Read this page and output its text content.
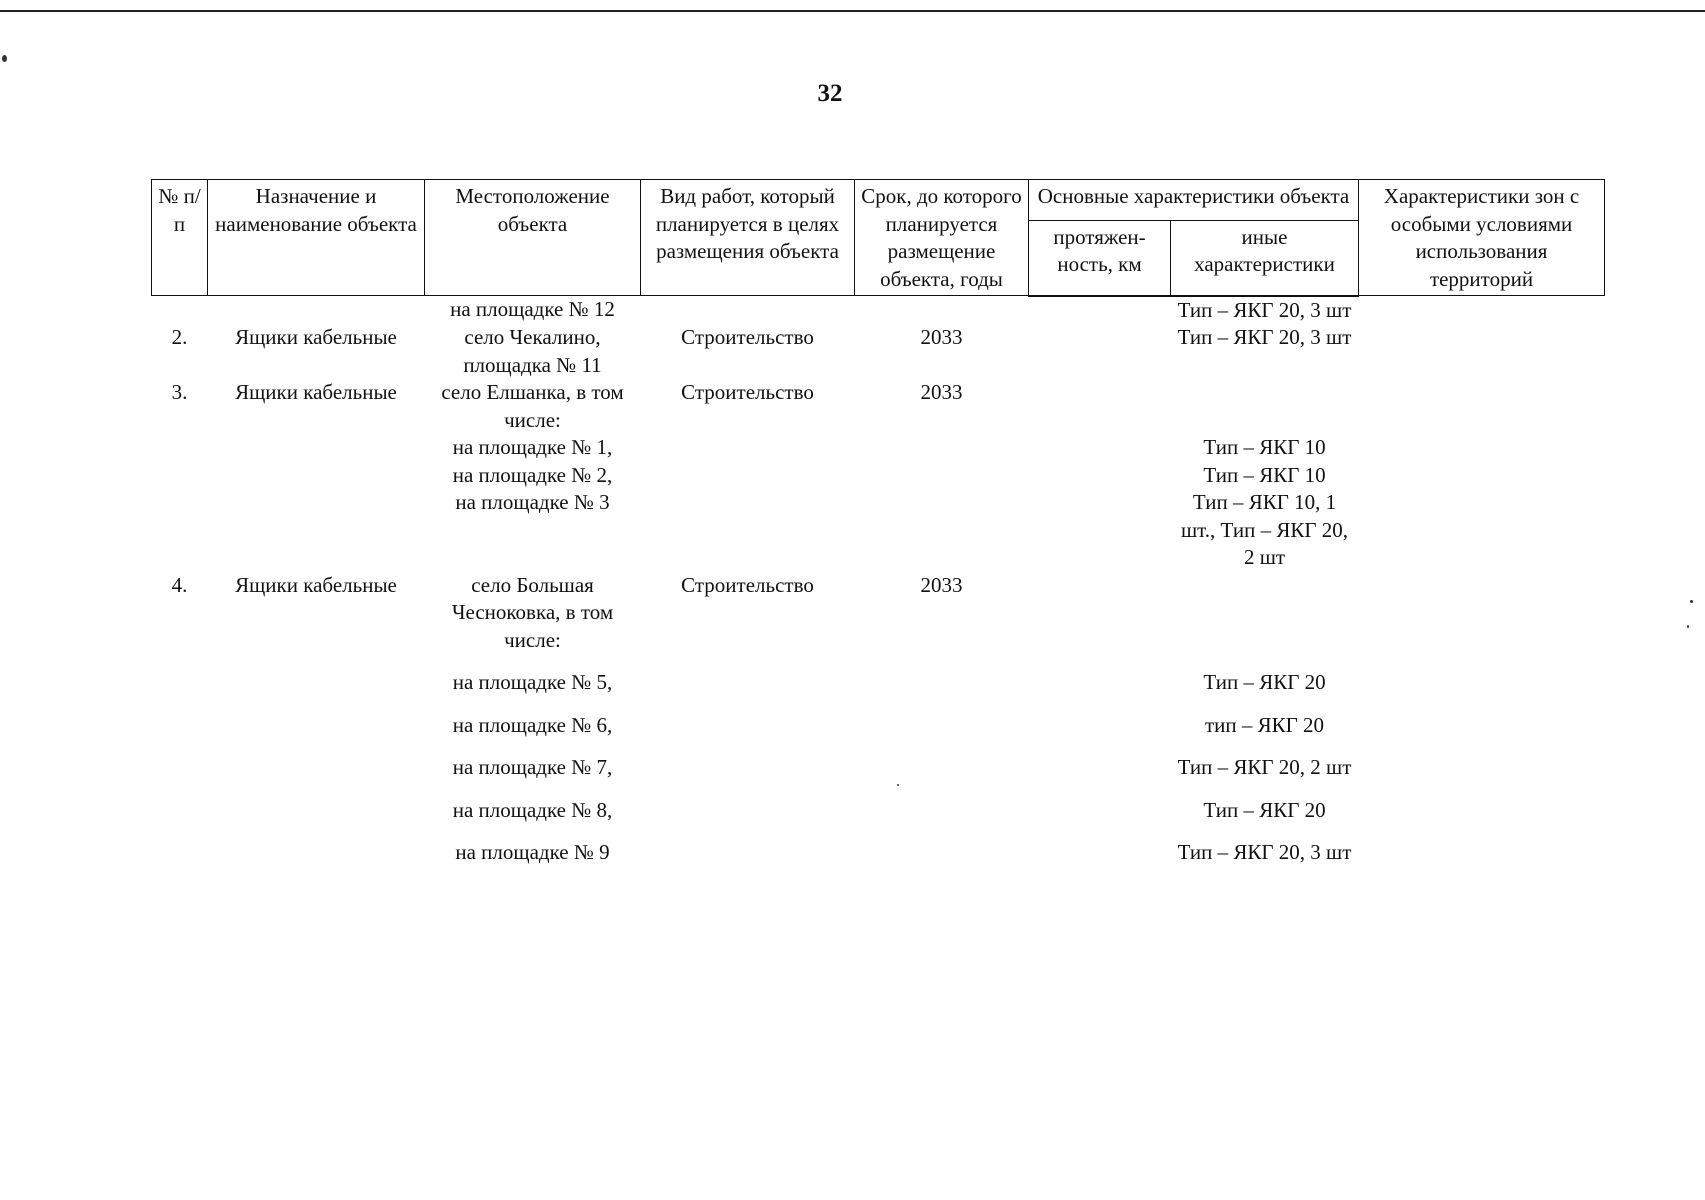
32
№ п/п	Назначение и наименование объекта	Местоположение объекта	Вид работ, который планируется в целях размещения объекта	Срок, до которого планируется размещение объекта, годы	Основные характеристики объекта		Характеристики зон с особыми условиями использования территорий
					протяжен-ность, км	иные характеристики	
		на площадке № 12				Тип – ЯКГ 20, 3 шт	
2.	Ящики кабельные	село Чекалино, площадка № 11	Строительство	2033		Тип – ЯКГ 20, 3 шт	
3.	Ящики кабельные	село Елшанка, в том числе:	Строительство	2033			
		на площадке № 1,				Тип – ЯКГ 10	
		на площадке № 2,				Тип – ЯКГ 10	
		на площадке № 3				Тип – ЯКГ 10, 1 шт., Тип – ЯКГ 20, 2 шт	
4.	Ящики кабельные	село Большая Чесноковка, в том числе:	Строительство	2033			

		на площадке № 5,				Тип – ЯКГ 20	

		на площадке № 6,				тип – ЯКГ 20	

		на площадке № 7,				Тип – ЯКГ 20, 2 шт	

		на площадке № 8,				Тип – ЯКГ 20	

		на площадке № 9				Тип – ЯКГ 20, 3 шт	
